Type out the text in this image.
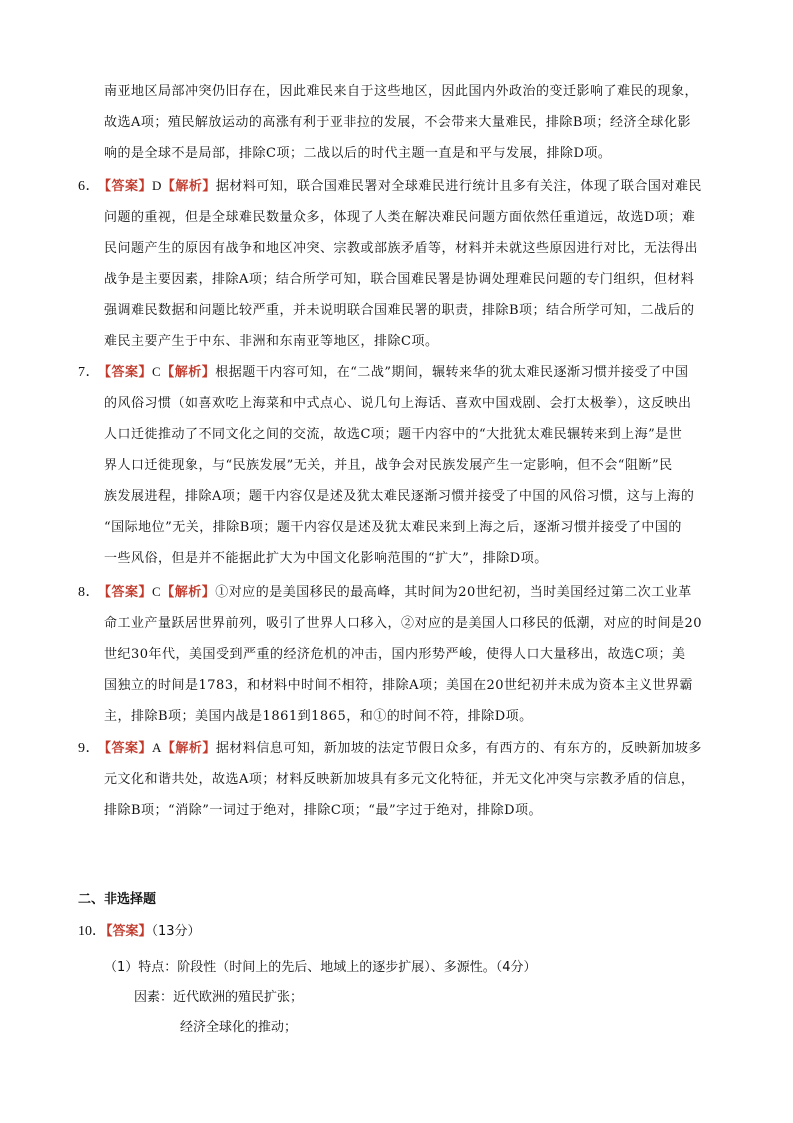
南亚地区局部冲突仍旧存在，因此难民来自于这些地区，因此国内外政治的变迁影响了难民的现象，
故选A项；殖民解放运动的高涨有利于亚非拉的发展，不会带来大量难民，排除B项；经济全球化影
响的是全球不是局部，排除C项；二战以后的时代主题一直是和平与发展，排除D项。
6．【答案】D【解析】据材料可知，联合国难民署对全球难民进行统计且多有关注，体现了联合国对难民
问题的重视，但是全球难民数量众多，体现了人类在解决难民问题方面依然任重道远，故选D项；难
民问题产生的原因有战争和地区冲突、宗教或部族矛盾等，材料并未就这些原因进行对比，无法得出
战争是主要因素，排除A项；结合所学可知，联合国难民署是协调处理难民问题的专门组织，但材料
强调难民数据和问题比较严重，并未说明联合国难民署的职责，排除B项；结合所学可知，二战后的
难民主要产生于中东、非洲和东南亚等地区，排除C项。
7．【答案】C【解析】根据题干内容可知，在“二战”期间，辗转来华的犹太难民逐渐习惯并接受了中国
的风俗习惯（如喜欢吃上海菜和中式点心、说几句上海话、喜欢中国戏剧、会打太极拳），这反映出
人口迁徙推动了不同文化之间的交流，故选C项；题干内容中的“大批犹太难民辗转来到上海”是世
界人口迁徙现象，与“民族发展”无关，并且，战争会对民族发展产生一定影响，但不会“阻断”民
族发展进程，排除A项；题干内容仅是述及犹太难民逐渐习惯并接受了中国的风俗习惯，这与上海的
“国际地位”无关，排除B项；题干内容仅是述及犹太难民来到上海之后，逐渐习惯并接受了中国的
一些风俗，但是并不能据此扩大为中国文化影响范围的“扩大”，排除D项。
8．【答案】C【解析】①对应的是美国移民的最高峰，其时间为20世纪初，当时美国经过第二次工业革
命工业产量跃居世界前列，吸引了世界人口移入，②对应的是美国人口移民的低潮，对应的时间是20
世纪30年代，美国受到严重的经济危机的冲击，国内形势严峻，使得人口大量移出，故选C项；美
国独立的时间是1783，和材料中时间不相符，排除A项；美国在20世纪初并未成为资本主义世界霸
主，排除B项；美国内战是1861到1865，和①的时间不符，排除D项。
9．【答案】A【解析】据材料信息可知，新加坡的法定节假日众多，有西方的、有东方的，反映新加坡多
元文化和谐共处，故选A项；材料反映新加坡具有多元文化特征，并无文化冲突与宗教矛盾的信息，
排除B项；“消除”一词过于绝对，排除C项；“最”字过于绝对，排除D项。
二、非选择题
10．【答案】（13分）
（1）特点：阶段性（时间上的先后、地域上的逐步扩展）、多源性。（4分）
因素：近代欧洲的殖民扩张；
经济全球化的推动；
